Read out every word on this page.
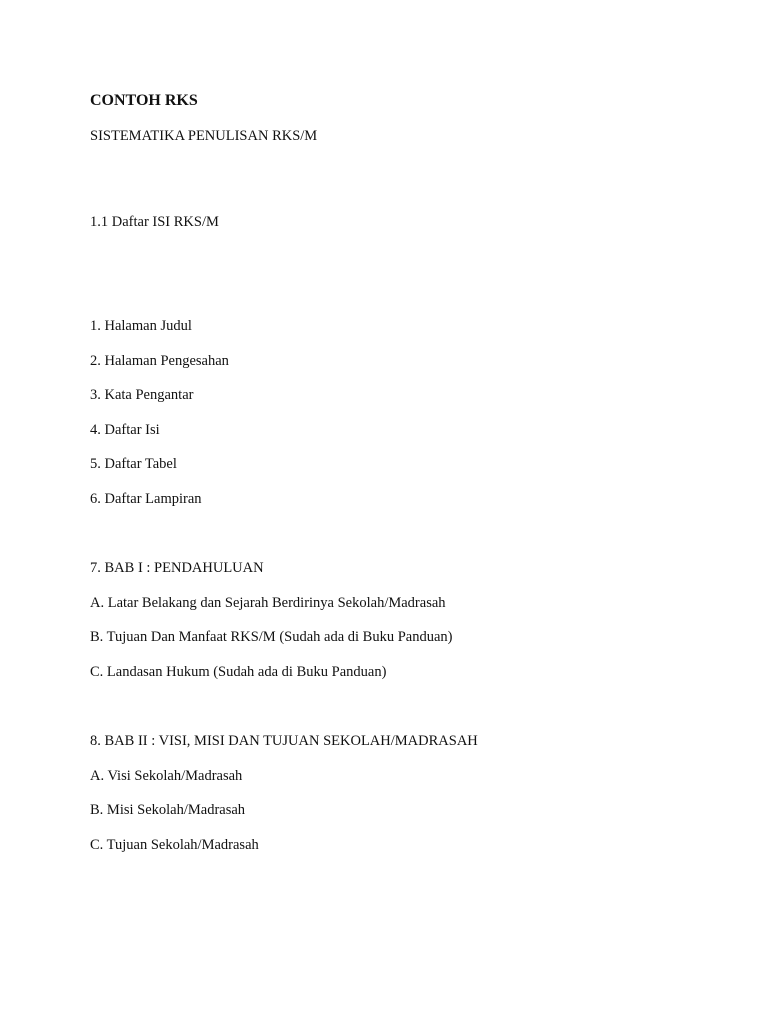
CONTOH RKS

SISTEMATIKA PENULISAN RKS/M

1.1 Daftar ISI RKS/M

1. Halaman Judul

2. Halaman Pengesahan

3. Kata Pengantar

4. Daftar Isi

5. Daftar Tabel

6. Daftar Lampiran

7. BAB I : PENDAHULUAN

A. Latar Belakang dan Sejarah Berdirinya Sekolah/Madrasah

B. Tujuan Dan Manfaat RKS/M (Sudah ada di Buku Panduan)

C. Landasan Hukum (Sudah ada di Buku Panduan)

8. BAB II : VISI, MISI DAN TUJUAN SEKOLAH/MADRASAH

A. Visi Sekolah/Madrasah

B. Misi Sekolah/Madrasah

C. Tujuan Sekolah/Madrasah
